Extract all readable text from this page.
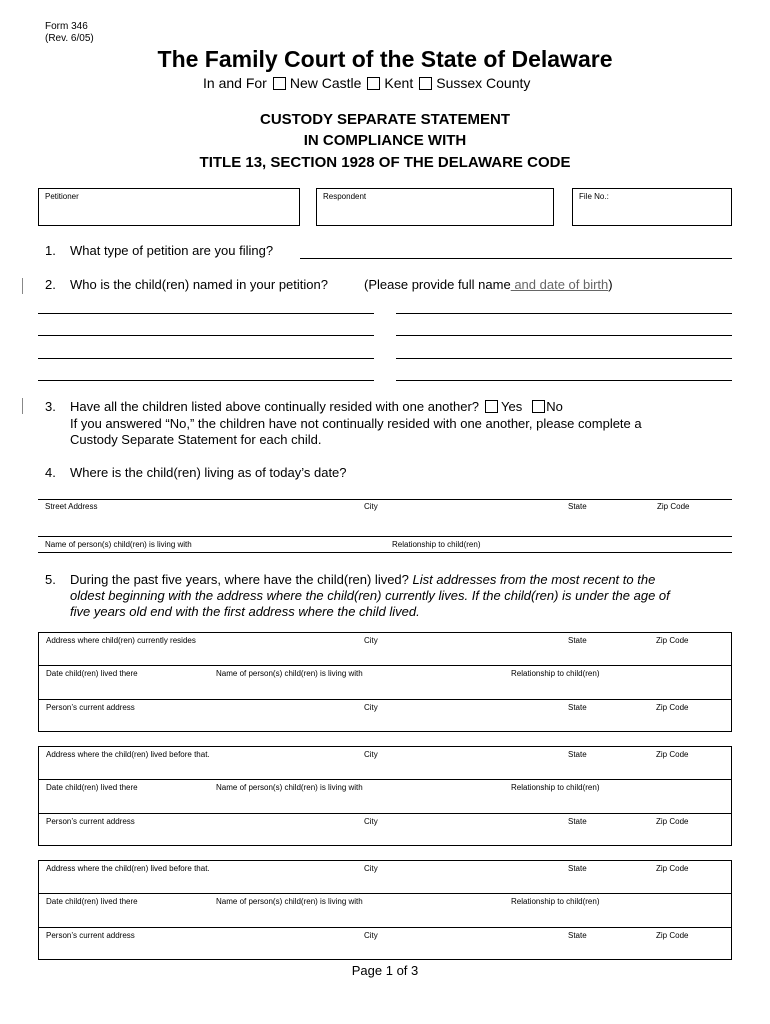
Form 346
(Rev. 6/05)
The Family Court of the State of Delaware
In and For New Castle Kent Sussex County
CUSTODY SEPARATE STATEMENT
IN COMPLIANCE WITH
TITLE 13, SECTION 1928 OF THE DELAWARE CODE
Petitioner	Respondent	File No.:
1. What type of petition are you filing?
2. Who is the child(ren) named in your petition?	(Please provide full name and date of birth)
3. Have all the children listed above continually resided with one another? Yes No
If you answered “No,” the children have not continually resided with one another, please complete a
Custody Separate Statement for each child.
4. Where is the child(ren) living as of today’s date?
Street Address	City	State	Zip Code
Name of person(s) child(ren) is living with	Relationship to child(ren)
5. During the past five years, where have the child(ren) lived? List addresses from the most recent to the
oldest beginning with the address where the child(ren) currently lives. If the child(ren) is under the age of
five years old end with the first address where the child lived.
Address where child(ren) currently resides	City	State	Zip Code
Date child(ren) lived there	Name of person(s) child(ren) is living with	Relationship to child(ren)
Person’s current address	City	State	Zip Code
Address where the child(ren) lived before that.	City	State	Zip Code
Date child(ren) lived there	Name of person(s) child(ren) is living with	Relationship to child(ren)
Person’s current address	City	State	Zip Code
Address where the child(ren) lived before that.	City	State	Zip Code
Date child(ren) lived there	Name of person(s) child(ren) is living with	Relationship to child(ren)
Person’s current address	City	State	Zip Code
Page 1 of 3
